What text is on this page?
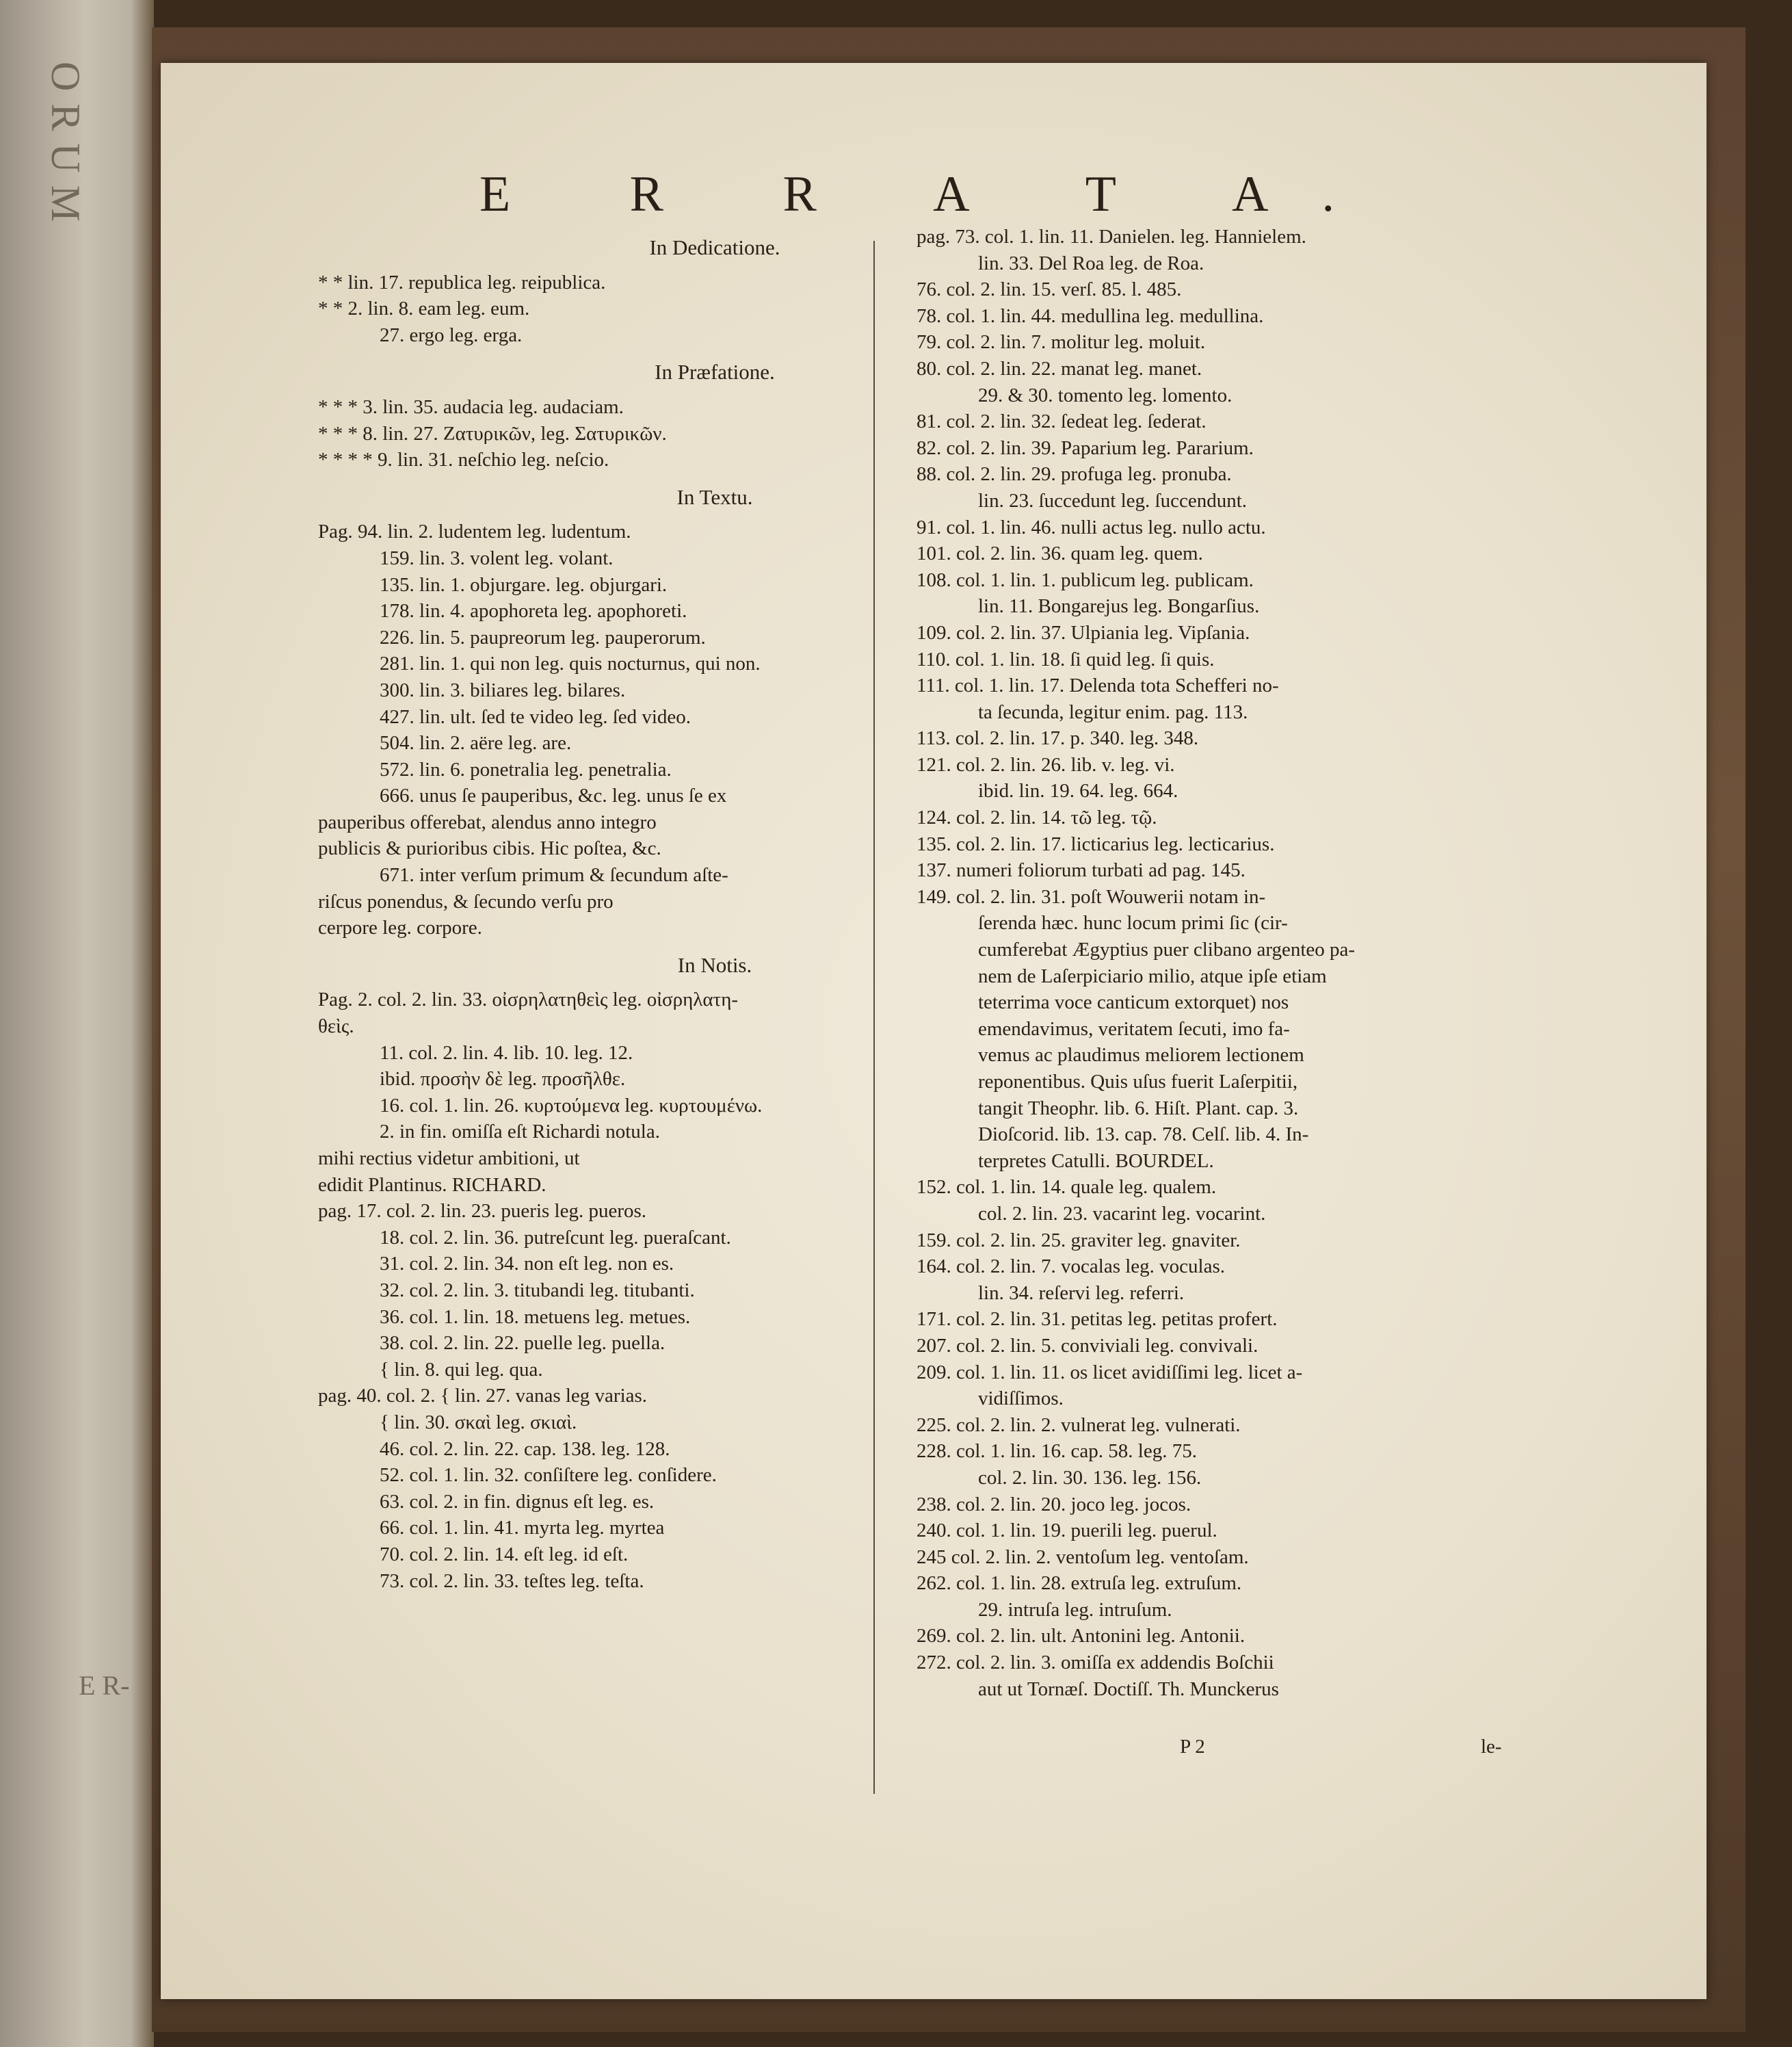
ORUM
E R-
E R R A T A.
In Dedicatione.
* * lin. 17. republica leg. reipublica.
* * 2. lin. 8. eam leg. eum.
27. ergo leg. erga.
In Præfatione.
* * * 3. lin. 35. audacia leg. audaciam.
* * * 8. lin. 27. Ζατυρικῶν, leg. Σατυρικῶν.
* * * * 9. lin. 31. neſchio leg. neſcio.
In Textu.
Pag. 94. lin. 2. ludentem leg. ludentum.
159. lin. 3. volent leg. volant.
135. lin. 1. objurgare. leg. objurgari.
178. lin. 4. apophoreta leg. apophoreti.
226. lin. 5. paupreorum leg. pauperorum.
281. lin. 1. qui non leg. quis nocturnus, qui non.
300. lin. 3. biliares leg. bilares.
427. lin. ult. ſed te video leg. ſed video.
504. lin. 2. aëre leg. are.
572. lin. 6. ponetralia leg. penetralia.
666. unus ſe pauperibus, &c. leg. unus ſe ex
pauperibus offerebat, alendus anno integro
publicis & purioribus cibis. Hic poſtea, &c.
671. inter verſum primum & ſecundum aſte-
riſcus ponendus, & ſecundo verſu pro
cerpore leg. corpore.
In Notis.
Pag. 2. col. 2. lin. 33. οἰσρηλατηθεὶς leg. οἰσρηλατη-
θεὶς.
11. col. 2. lin. 4. lib. 10. leg. 12.
ibid. προσὴν δὲ leg. προσῆλθε.
16. col. 1. lin. 26. κυρτούμενα leg. κυρτουμένω.
2. in fin. omiſſa eſt Richardi notula.
mihi rectius videtur ambitioni, ut
edidit Plantinus. RICHARD.
pag. 17. col. 2. lin. 23. pueris leg. pueros.
18. col. 2. lin. 36. putreſcunt leg. pueraſcant.
31. col. 2. lin. 34. non eſt leg. non es.
32. col. 2. lin. 3. titubandi leg. titubanti.
36. col. 1. lin. 18. metuens leg. metues.
38. col. 2. lin. 22. puelle leg. puella.
{ lin. 8. qui leg. qua.
pag. 40. col. 2. { lin. 27. vanas leg varias.
{ lin. 30. σκαὶ leg. σκιαὶ.
46. col. 2. lin. 22. cap. 138. leg. 128.
52. col. 1. lin. 32. conſiſtere leg. conſidere.
63. col. 2. in fin. dignus eſt leg. es.
66. col. 1. lin. 41. myrta leg. myrtea
70. col. 2. lin. 14. eſt leg. id eſt.
73. col. 2. lin. 33. teſtes leg. teſta.
pag. 73. col. 1. lin. 11. Danielen. leg. Hannielem.
lin. 33. Del Roa leg. de Roa.
76. col. 2. lin. 15. verſ. 85. l. 485.
78. col. 1. lin. 44. medullina leg. medullina.
79. col. 2. lin. 7. molitur leg. moluit.
80. col. 2. lin. 22. manat leg. manet.
29. & 30. tomento leg. lomento.
81. col. 2. lin. 32. ſedeat leg. ſederat.
82. col. 2. lin. 39. Paparium leg. Pararium.
88. col. 2. lin. 29. profuga leg. pronuba.
lin. 23. ſuccedunt leg. ſuccendunt.
91. col. 1. lin. 46. nulli actus leg. nullo actu.
101. col. 2. lin. 36. quam leg. quem.
108. col. 1. lin. 1. publicum leg. publicam.
lin. 11. Bongarejus leg. Bongarſius.
109. col. 2. lin. 37. Ulpiania leg. Vipſania.
110. col. 1. lin. 18. ſi quid leg. ſi quis.
111. col. 1. lin. 17. Delenda tota Schefferi no-
ta ſecunda, legitur enim. pag. 113.
113. col. 2. lin. 17. p. 340. leg. 348.
121. col. 2. lin. 26. lib. v. leg. vi.
ibid. lin. 19. 64. leg. 664.
124. col. 2. lin. 14. τῶ leg. τῷ.
135. col. 2. lin. 17. licticarius leg. lecticarius.
137. numeri foliorum turbati ad pag. 145.
149. col. 2. lin. 31. poſt Wouwerii notam in-
ſerenda hæc. hunc locum primi ſic (cir-
cumferebat Ægyptius puer clibano argenteo pa-
nem de Laſerpiciario milio, atque ipſe etiam
teterrima voce canticum extorquet) nos
emendavimus, veritatem ſecuti, imo fa-
vemus ac plaudimus meliorem lectionem
reponentibus. Quis uſus fuerit Laſerpitii,
tangit Theophr. lib. 6. Hiſt. Plant. cap. 3.
Dioſcorid. lib. 13. cap. 78. Celſ. lib. 4. In-
terpretes Catulli. BOURDEL.
152. col. 1. lin. 14. quale leg. qualem.
col. 2. lin. 23. vacarint leg. vocarint.
159. col. 2. lin. 25. graviter leg. gnaviter.
164. col. 2. lin. 7. vocalas leg. voculas.
lin. 34. reſervi leg. referri.
171. col. 2. lin. 31. petitas leg. petitas profert.
207. col. 2. lin. 5. conviviali leg. convivali.
209. col. 1. lin. 11. os licet avidiſſimi leg. licet a-
vidiſſimos.
225. col. 2. lin. 2. vulnerat leg. vulnerati.
228. col. 1. lin. 16. cap. 58. leg. 75.
col. 2. lin. 30. 136. leg. 156.
238. col. 2. lin. 20. joco leg. jocos.
240. col. 1. lin. 19. puerili leg. puerul.
245 col. 2. lin. 2. ventoſum leg. ventoſam.
262. col. 1. lin. 28. extruſa leg. extruſum.
29. intruſa leg. intruſum.
269. col. 2. lin. ult. Antonini leg. Antonii.
272. col. 2. lin. 3. omiſſa ex addendis Boſchii
aut ut Tornæſ. Doctiſſ. Th. Munckerus
P 2	le-
